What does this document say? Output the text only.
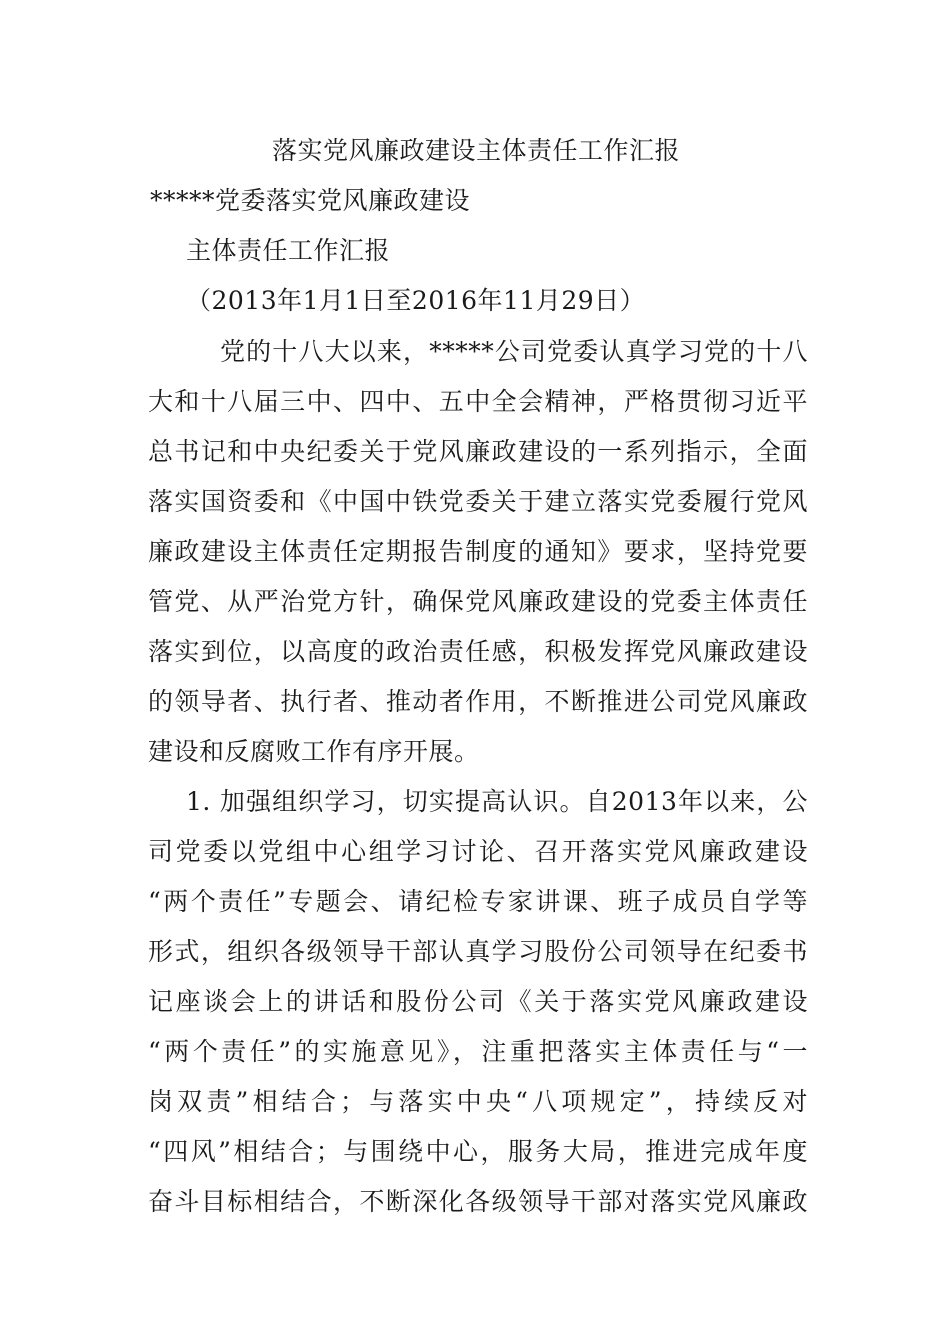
落实党风廉政建设主体责任工作汇报
*****党委落实党风廉政建设
主体责任工作汇报
（2013年1月1日至2016年11月29日）
党的十八大以来，*****公司党委认真学习党的十八
大和十八届三中、四中、五中全会精神，严格贯彻习近平
总书记和中央纪委关于党风廉政建设的一系列指示，全面
落实国资委和《中国中铁党委关于建立落实党委履行党风
廉政建设主体责任定期报告制度的通知》要求，坚持党要
管党、从严治党方针，确保党风廉政建设的党委主体责任
落实到位，以高度的政治责任感，积极发挥党风廉政建设
的领导者、执行者、推动者作用，不断推进公司党风廉政
建设和反腐败工作有序开展。
1. 加强组织学习，切实提高认识。自2013年以来，公
司党委以党组中心组学习讨论、召开落实党风廉政建设
“两个责任”专题会、请纪检专家讲课、班子成员自学等
形式，组织各级领导干部认真学习股份公司领导在纪委书
记座谈会上的讲话和股份公司《关于落实党风廉政建设
“两个责任”的实施意见》，注重把落实主体责任与“一
岗双责”相结合；与落实中央“八项规定”，持续反对
“四风”相结合；与围绕中心，服务大局，推进完成年度
奋斗目标相结合，不断深化各级领导干部对落实党风廉政
